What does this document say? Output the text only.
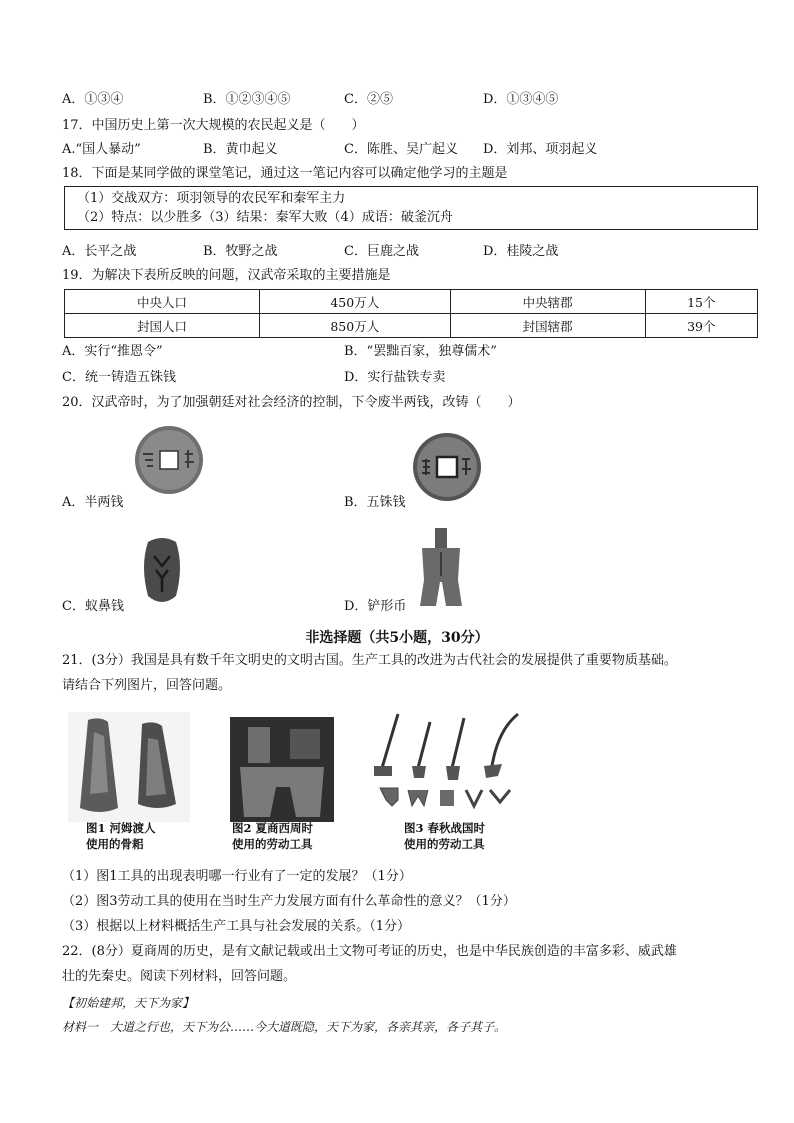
A．①③④	B．①②③④⑤	C．②⑤	D．①③④⑤
17．中国历史上第一次大规模的农民起义是（　　）
A.“国人暴动”	B．黄巾起义	C．陈胜、吴广起义 D．刘邦、项羽起义
18．下面是某同学做的课堂笔记，通过这一笔记内容可以确定他学习的主题是
（1）交战双方：项羽领导的农民军和秦军主力
（2）特点：以少胜多（3）结果：秦军大败（4）成语：破釜沉舟
A．长平之战	B．牧野之战	C．巨鹿之战	D．桂陵之战
19．为解决下表所反映的问题，汉武帝采取的主要措施是
中央人口	450万人	中央辖郡	15个
封国人口	850万人	封国辖郡	39个
A．实行“推恩令”	B．“罢黜百家，独尊儒术”
C．统一铸造五铢钱	D．实行盐铁专卖
20．汉武帝时，为了加强朝廷对社会经济的控制，下令废半两钱，改铸（　　）
A．半两钱	B．五铢钱
C．蚁鼻钱	D．铲形币
非选择题（共5小题，30分）
21．(3分）我国是具有数千年文明史的文明古国。生产工具的改进为古代社会的发展提供了重要物质基础。
请结合下列图片，回答问题。
图1 河姆渡人
使用的骨耜
图2 夏商西周时
使用的劳动工具
图3 春秋战国时
使用的劳动工具
（1）图1工具的出现表明哪一行业有了一定的发展？（1分）
（2）图3劳动工具的使用在当时生产力发展方面有什么革命性的意义？（1分）
（3）根据以上材料概括生产工具与社会发展的关系。（1分）
22．(8分）夏商周的历史，是有文献记载或出土文物可考证的历史，也是中华民族创造的丰富多彩、威武雄
壮的先秦史。阅读下列材料，回答问题。
【初始建邦，天下为家】
材料一　大道之行也，天下为公……今大道既隐，天下为家，各亲其亲，各子其子。
